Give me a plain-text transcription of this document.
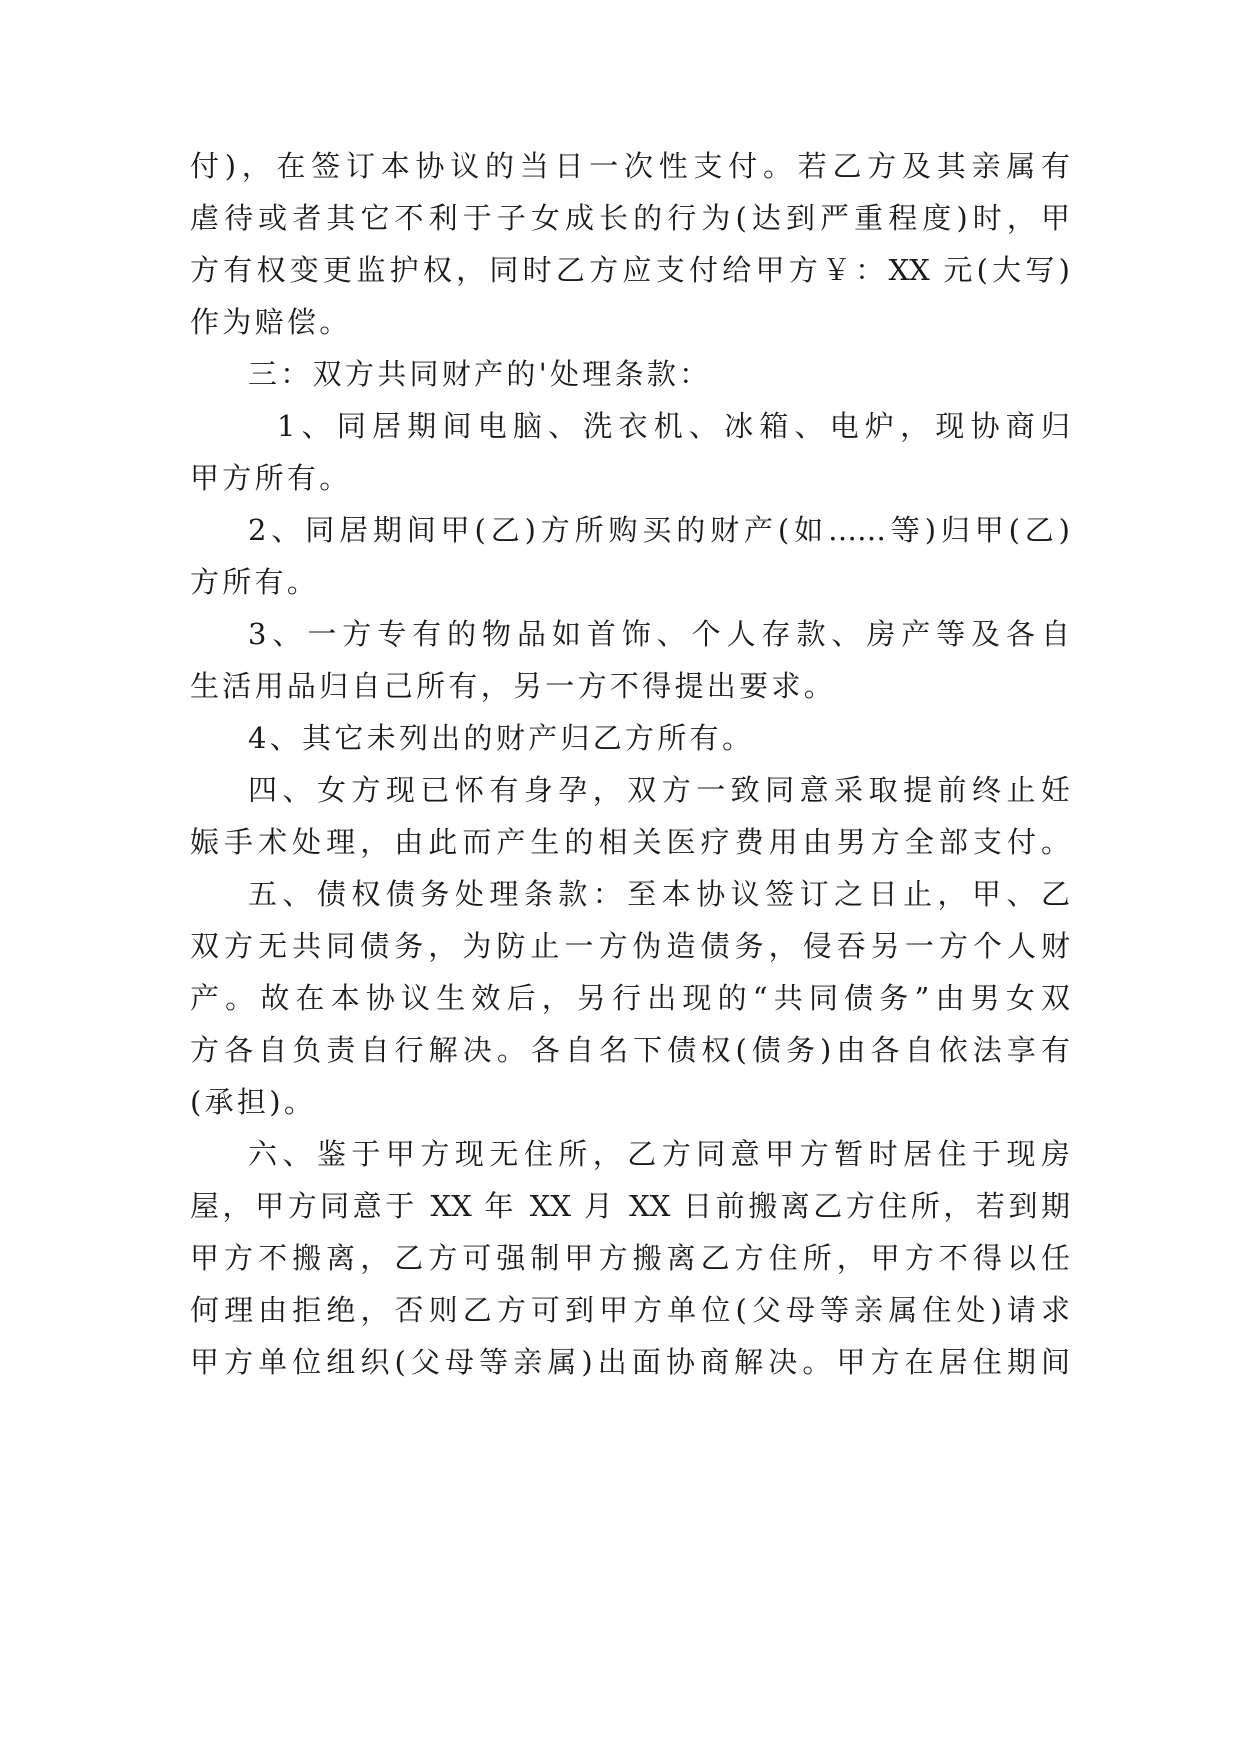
付)，在签订本协议的当日一次性支付。若乙方及其亲属有
虐待或者其它不利于子女成长的行为(达到严重程度)时，甲
方有权变更监护权，同时乙方应支付给甲方￥：XX 元(大写)
作为赔偿。
三：双方共同财产的'处理条款：
1、同居期间电脑、洗衣机、冰箱、电炉，现协商归
甲方所有。
2、同居期间甲(乙)方所购买的财产(如……等)归甲(乙)
方所有。
3、一方专有的物品如首饰、个人存款、房产等及各自
生活用品归自己所有，另一方不得提出要求。
4、其它未列出的财产归乙方所有。
四、女方现已怀有身孕，双方一致同意采取提前终止妊
娠手术处理，由此而产生的相关医疗费用由男方全部支付。
五、债权债务处理条款：至本协议签订之日止，甲、乙
双方无共同债务，为防止一方伪造债务，侵吞另一方个人财
产。故在本协议生效后，另行出现的“共同债务”由男女双
方各自负责自行解决。各自名下债权(债务)由各自依法享有
(承担)。
六、鉴于甲方现无住所，乙方同意甲方暂时居住于现房
屋，甲方同意于 XX 年 XX 月 XX 日前搬离乙方住所，若到期
甲方不搬离，乙方可强制甲方搬离乙方住所，甲方不得以任
何理由拒绝，否则乙方可到甲方单位(父母等亲属住处)请求
甲方单位组织(父母等亲属)出面协商解决。甲方在居住期间
